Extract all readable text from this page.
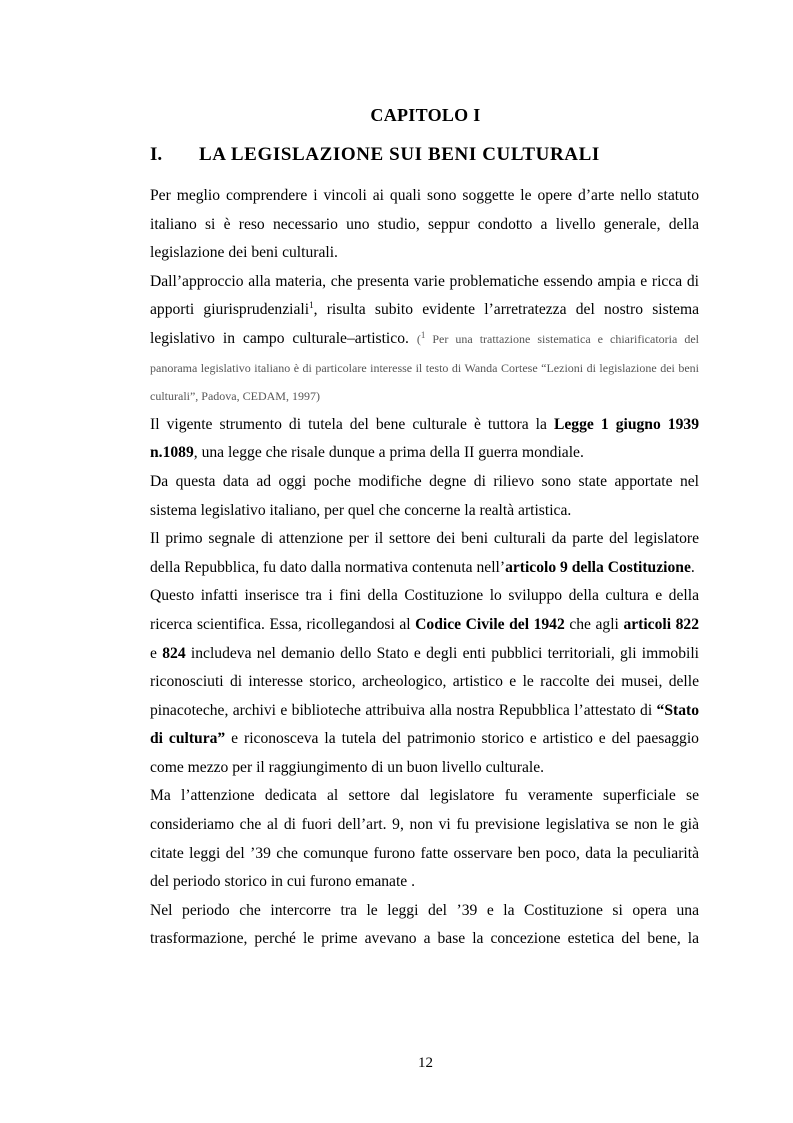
CAPITOLO I
I. LA LEGISLAZIONE SUI BENI CULTURALI

Per meglio comprendere i vincoli ai quali sono soggette le opere d’arte nello statuto italiano si è reso necessario uno studio, seppur condotto a livello generale, della legislazione dei beni culturali.

Dall’approccio alla materia, che presenta varie problematiche essendo ampia e ricca di apporti giurisprudenziali$^1$, risulta subito evidente l’arretratezza del nostro sistema legislativo in campo culturale–artistico. ($^1$ Per una trattazione sistematica e chiarificatoria del panorama legislativo italiano è di particolare interesse il testo di Wanda Cortese “Lezioni di legislazione dei beni culturali”, Padova, CEDAM, 1997)

Il vigente strumento di tutela del bene culturale è tuttora la Legge 1 giugno 1939 n.1089, una legge che risale dunque a prima della II guerra mondiale.

Da questa data ad oggi poche modifiche degne di rilievo sono state apportate nel sistema legislativo italiano, per quel che concerne la realtà artistica.

Il primo segnale di attenzione per il settore dei beni culturali da parte del legislatore della Repubblica, fu dato dalla normativa contenuta nell’articolo 9 della Costituzione.

Questo infatti inserisce tra i fini della Costituzione lo sviluppo della cultura e della ricerca scientifica. Essa, ricollegandosi al Codice Civile del 1942 che agli articoli 822 e 824 includeva nel demanio dello Stato e degli enti pubblici territoriali, gli immobili riconosciuti di interesse storico, archeologico, artistico e le raccolte dei musei, delle pinacoteche, archivi e biblioteche attribuiva alla nostra Repubblica l’attestato di “Stato di cultura” e riconosceva la tutela del patrimonio storico e artistico e del paesaggio come mezzo per il raggiungimento di un buon livello culturale.

Ma l’attenzione dedicata al settore dal legislatore fu veramente superficiale se consideriamo che al di fuori dell’art. 9, non vi fu previsione legislativa se non le già citate leggi del ’39 che comunque furono fatte osservare ben poco, data la peculiarità del periodo storico in cui furono emanate .

Nel periodo che intercorre tra le leggi del ’39 e la Costituzione si opera una trasformazione, perché le prime avevano a base la concezione estetica del bene, la

12
